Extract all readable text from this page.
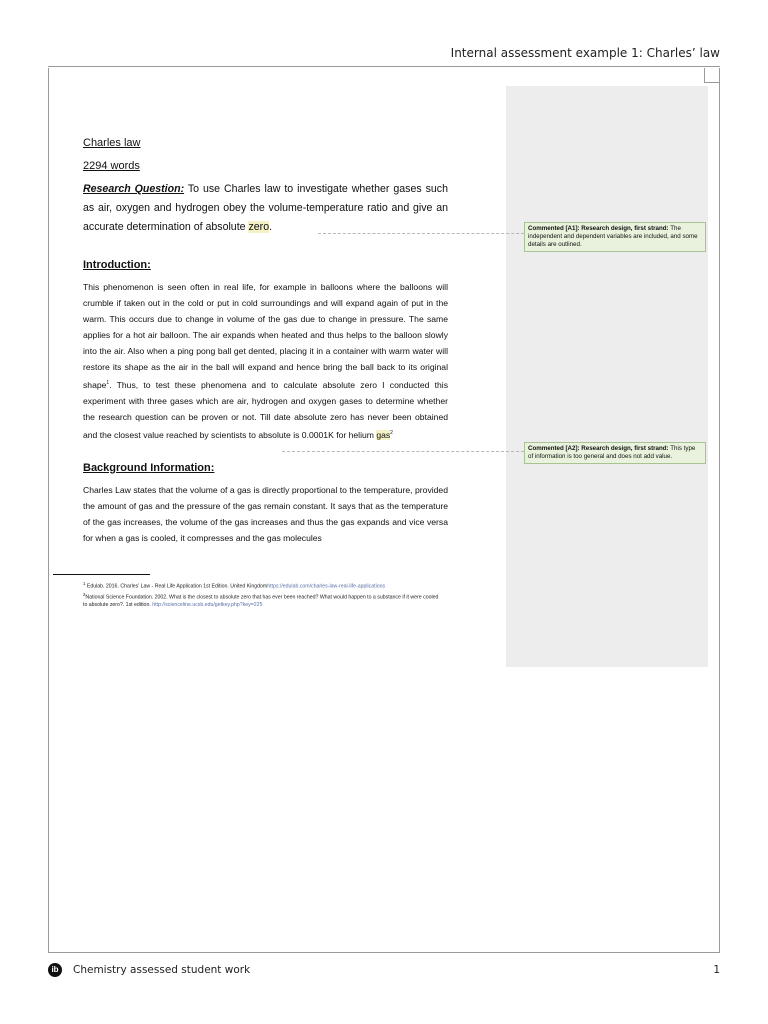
Internal assessment example 1: Charles’ law
Commented [A1]: Research design, first strand: The independent and dependent variables are included, and some details are outlined.
Commented [A2]: Research design, first strand: This type of information is too general and does not add value.
Charles law
2294 words
Research Question: To use Charles law to investigate whether gases such as air, oxygen and hydrogen obey the volume-temperature ratio and give an accurate determination of absolute zero.
Introduction:
This phenomenon is seen often in real life, for example in balloons where the balloons will crumble if taken out in the cold or put in cold surroundings and will expand again of put in the warm. This occurs due to change in volume of the gas due to change in pressure. The same applies for a hot air balloon. The air expands when heated and thus helps to the balloon slowly into the air. Also when a ping pong ball get dented, placing it in a container with warm water will restore its shape as the air in the ball will expand and hence bring the ball back to its original shape$^1$. Thus, to test these phenomena and to calculate absolute zero I conducted this experiment with three gases which are air, hydrogen and oxygen gases to determine whether the research question can be proven or not. Till date absolute zero has never been obtained and the closest value reached by scientists to absolute is 0.0001K for helium gas$^2$
Background Information:
Charles Law states that the volume of a gas is directly proportional to the temperature, provided the amount of gas and the pressure of the gas remain constant. It says that as the temperature of the gas increases, the volume of the gas increases and thus the gas expands and vice versa for when a gas is cooled, it compresses and the gas molecules
$^1$ Edulab. 2016. Charles’ Law - Real Life Application 1st Edition. United Kingdomhttps://edulab.com/charles-law-real-life-applications
$^2$National Science Foundation. 2002. What is the closest to absolute zero that has ever been reached? What would happen to a substance if it were cooled to absolute zero?. 1st edition. http://scienceline.ucsb.edu/getkey.php?key=225
ib	Chemistry assessed student work	1
